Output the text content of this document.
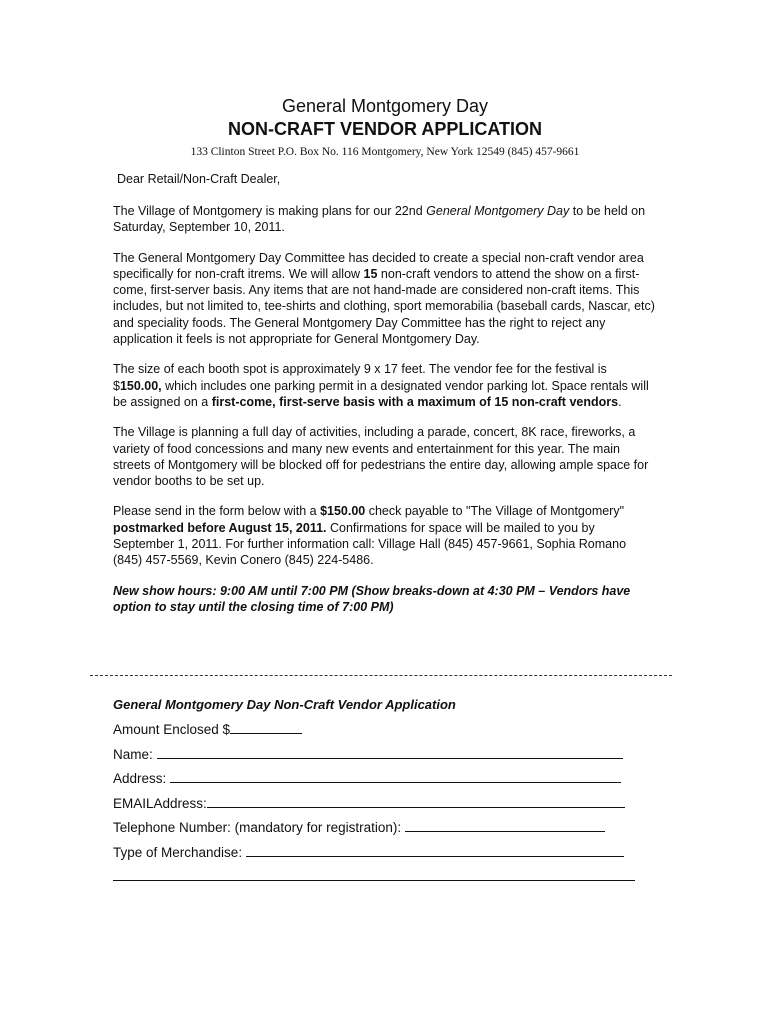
General Montgomery Day
NON-CRAFT VENDOR APPLICATION
133 Clinton Street P.O. Box No. 116 Montgomery, New York 12549 (845) 457-9661
Dear Retail/Non-Craft Dealer,

The Village of Montgomery is making plans for our 22nd General Montgomery Day to be held on Saturday, September 10, 2011.

The General Montgomery Day Committee has decided to create a special non-craft vendor area specifically for non-craft itrems. We will allow 15 non-craft vendors to attend the show on a first-come, first-server basis. Any items that are not hand-made are considered non-craft items. This includes, but not limited to, tee-shirts and clothing, sport memorabilia (baseball cards, Nascar, etc) and speciality foods. The General Montgomery Day Committee has the right to reject any application it feels is not appropriate for General Montgomery Day.

The size of each booth spot is approximately 9 x 17 feet. The vendor fee for the festival is $150.00, which includes one parking permit in a designated vendor parking lot. Space rentals will be assigned on a first-come, first-serve basis with a maximum of 15 non-craft vendors.

The Village is planning a full day of activities, including a parade, concert, 8K race, fireworks, a variety of food concessions and many new events and entertainment for this year. The main streets of Montgomery will be blocked off for pedestrians the entire day, allowing ample space for vendor booths to be set up.

Please send in the form below with a $150.00 check payable to "The Village of Montgomery" postmarked before August 15, 2011. Confirmations for space will be mailed to you by September 1, 2011. For further information call: Village Hall (845) 457-9661, Sophia Romano (845) 457-5569, Kevin Conero (845) 224-5486.

New show hours: 9:00 AM until 7:00 PM (Show breaks-down at 4:30 PM – Vendors have option to stay until the closing time of 7:00 PM)

General Montgomery Day Non-Craft Vendor Application
Amount Enclosed $
Name:
Address:
EMAILAddress:
Telephone Number: (mandatory for registration):
Type of Merchandise:
